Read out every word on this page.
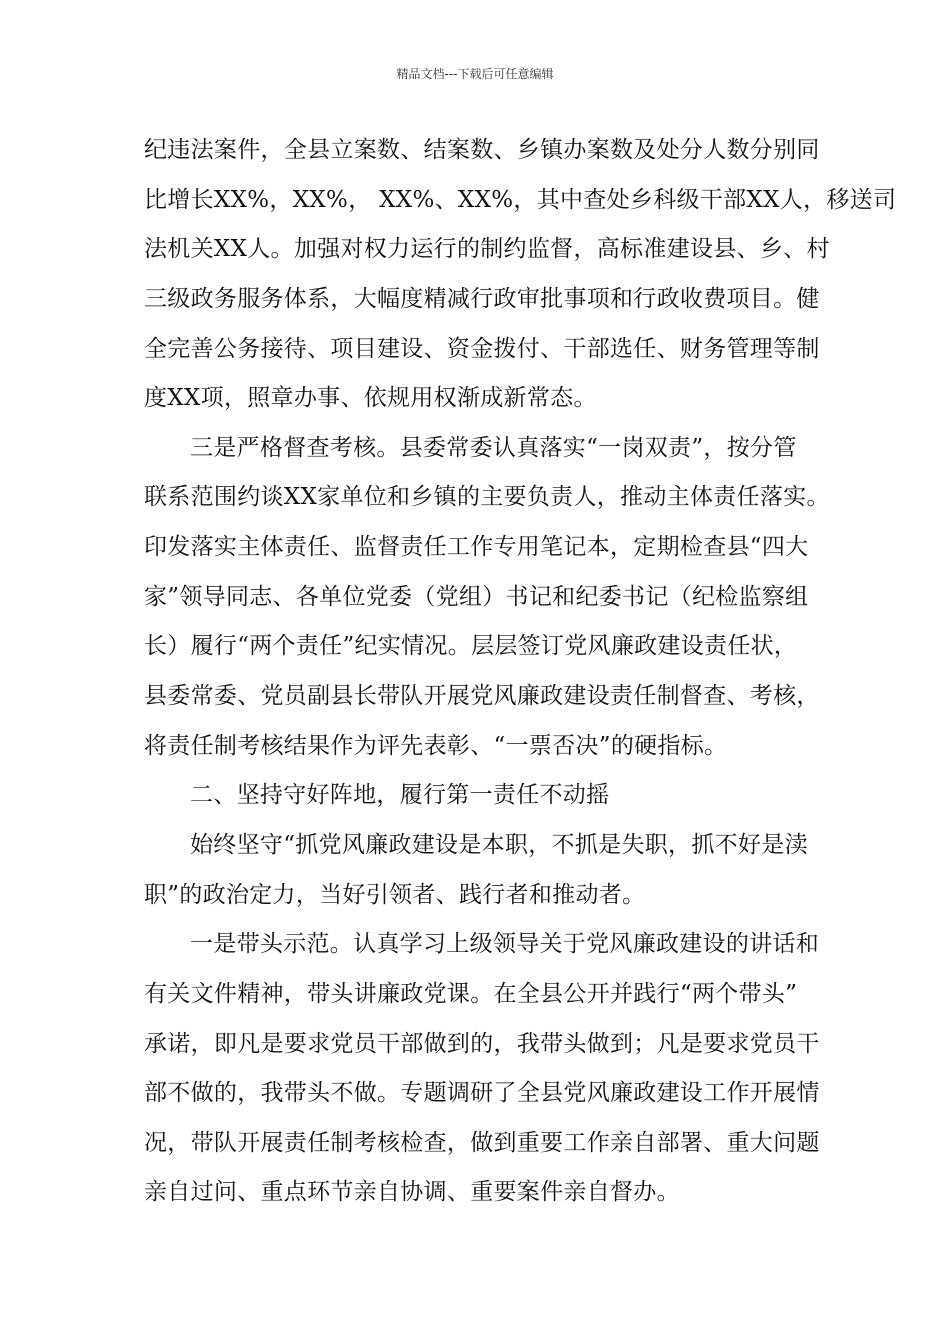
精品文档---下载后可任意编辑
纪违法案件，全县立案数、结案数、乡镇办案数及处分人数分别同
比增长XX%，XX%， XX%、XX%，其中查处乡科级干部XX人，移送司
法机关XX人。加强对权力运行的制约监督，高标准建设县、乡、村
三级政务服务体系，大幅度精减行政审批事项和行政收费项目。健
全完善公务接待、项目建设、资金拨付、干部选任、财务管理等制
度XX项，照章办事、依规用权渐成新常态。
三是严格督查考核。县委常委认真落实“一岗双责”，按分管
联系范围约谈XX家单位和乡镇的主要负责人，推动主体责任落实。
印发落实主体责任、监督责任工作专用笔记本，定期检查县“四大
家”领导同志、各单位党委（党组）书记和纪委书记（纪检监察组
长）履行“两个责任”纪实情况。层层签订党风廉政建设责任状，
县委常委、党员副县长带队开展党风廉政建设责任制督查、考核，
将责任制考核结果作为评先表彰、“一票否决”的硬指标。
二、坚持守好阵地，履行第一责任不动摇
始终坚守“抓党风廉政建设是本职，不抓是失职，抓不好是渎
职”的政治定力，当好引领者、践行者和推动者。
一是带头示范。认真学习上级领导关于党风廉政建设的讲话和
有关文件精神，带头讲廉政党课。在全县公开并践行“两个带头”
承诺，即凡是要求党员干部做到的，我带头做到；凡是要求党员干
部不做的，我带头不做。专题调研了全县党风廉政建设工作开展情
况，带队开展责任制考核检查，做到重要工作亲自部署、重大问题
亲自过问、重点环节亲自协调、重要案件亲自督办。
